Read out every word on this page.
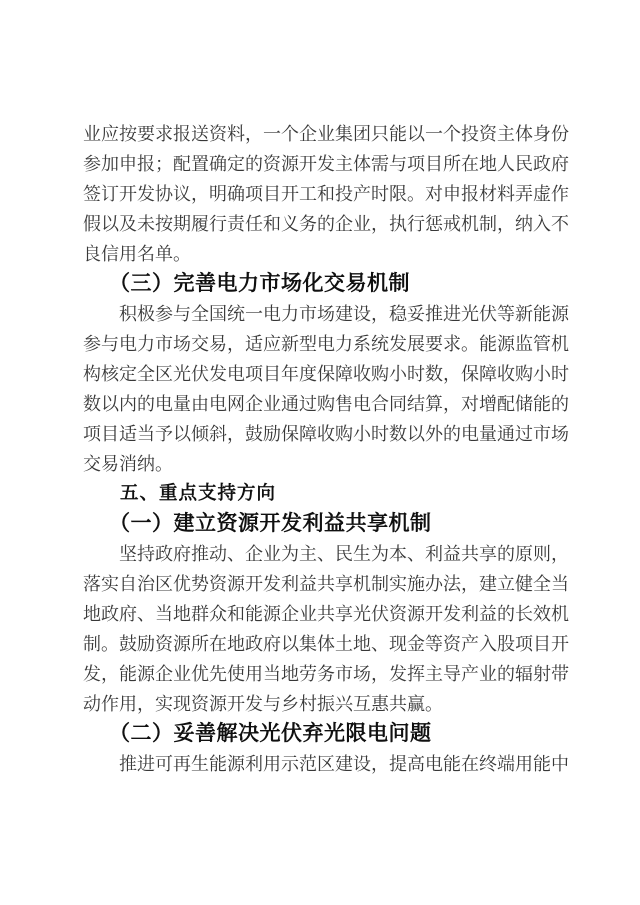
业应按要求报送资料，一个企业集团只能以一个投资主体身份
参加申报；配置确定的资源开发主体需与项目所在地人民政府
签订开发协议，明确项目开工和投产时限。对申报材料弄虚作
假以及未按期履行责任和义务的企业，执行惩戒机制，纳入不
良信用名单。
（三）完善电力市场化交易机制
积极参与全国统一电力市场建设，稳妥推进光伏等新能源
参与电力市场交易，适应新型电力系统发展要求。能源监管机
构核定全区光伏发电项目年度保障收购小时数，保障收购小时
数以内的电量由电网企业通过购售电合同结算，对增配储能的
项目适当予以倾斜，鼓励保障收购小时数以外的电量通过市场
交易消纳。
五、重点支持方向
（一）建立资源开发利益共享机制
坚持政府推动、企业为主、民生为本、利益共享的原则，
落实自治区优势资源开发利益共享机制实施办法，建立健全当
地政府、当地群众和能源企业共享光伏资源开发利益的长效机
制。鼓励资源所在地政府以集体土地、现金等资产入股项目开
发，能源企业优先使用当地劳务市场，发挥主导产业的辐射带
动作用，实现资源开发与乡村振兴互惠共赢。
（二）妥善解决光伏弃光限电问题
推进可再生能源利用示范区建设，提高电能在终端用能中
